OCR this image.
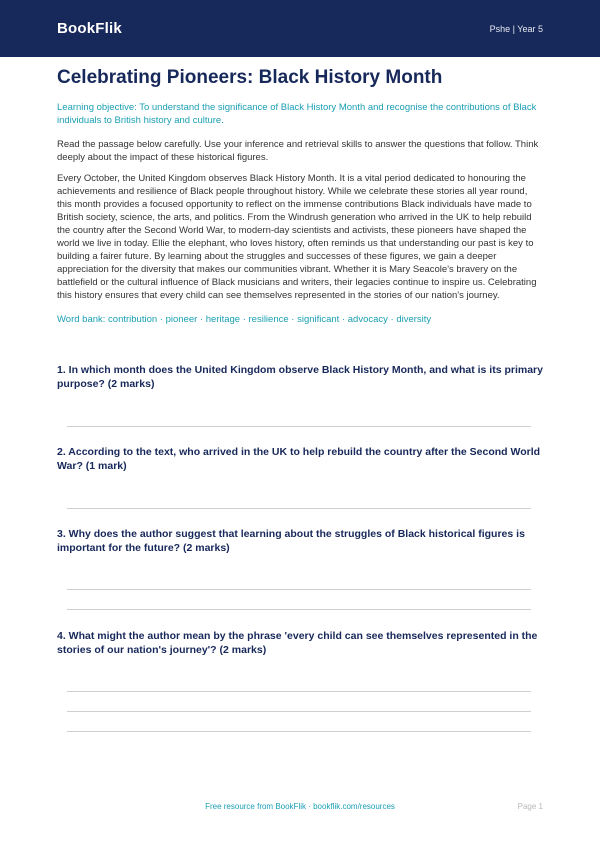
BookFlik	Pshe | Year 5
Celebrating Pioneers: Black History Month

Learning objective: To understand the significance of Black History Month and recognise the contributions of Black individuals to British history and culture.

Read the passage below carefully. Use your inference and retrieval skills to answer the questions that follow. Think deeply about the impact of these historical figures.

Every October, the United Kingdom observes Black History Month. It is a vital period dedicated to honouring the achievements and resilience of Black people throughout history. While we celebrate these stories all year round, this month provides a focused opportunity to reflect on the immense contributions Black individuals have made to British society, science, the arts, and politics. From the Windrush generation who arrived in the UK to help rebuild the country after the Second World War, to modern-day scientists and activists, these pioneers have shaped the world we live in today. Ellie the elephant, who loves history, often reminds us that understanding our past is key to building a fairer future. By learning about the struggles and successes of these figures, we gain a deeper appreciation for the diversity that makes our communities vibrant. Whether it is Mary Seacole's bravery on the battlefield or the cultural influence of Black musicians and writers, their legacies continue to inspire us. Celebrating this history ensures that every child can see themselves represented in the stories of our nation's journey.

Word bank: contribution · pioneer · heritage · resilience · significant · advocacy · diversity

1. In which month does the United Kingdom observe Black History Month, and what is its primary purpose? (2 marks)

2. According to the text, who arrived in the UK to help rebuild the country after the Second World War? (1 mark)

3. Why does the author suggest that learning about the struggles of Black historical figures is important for the future? (2 marks)

4. What might the author mean by the phrase 'every child can see themselves represented in the stories of our nation's journey'? (2 marks)

Free resource from BookFlik · bookflik.com/resources	Page 1
